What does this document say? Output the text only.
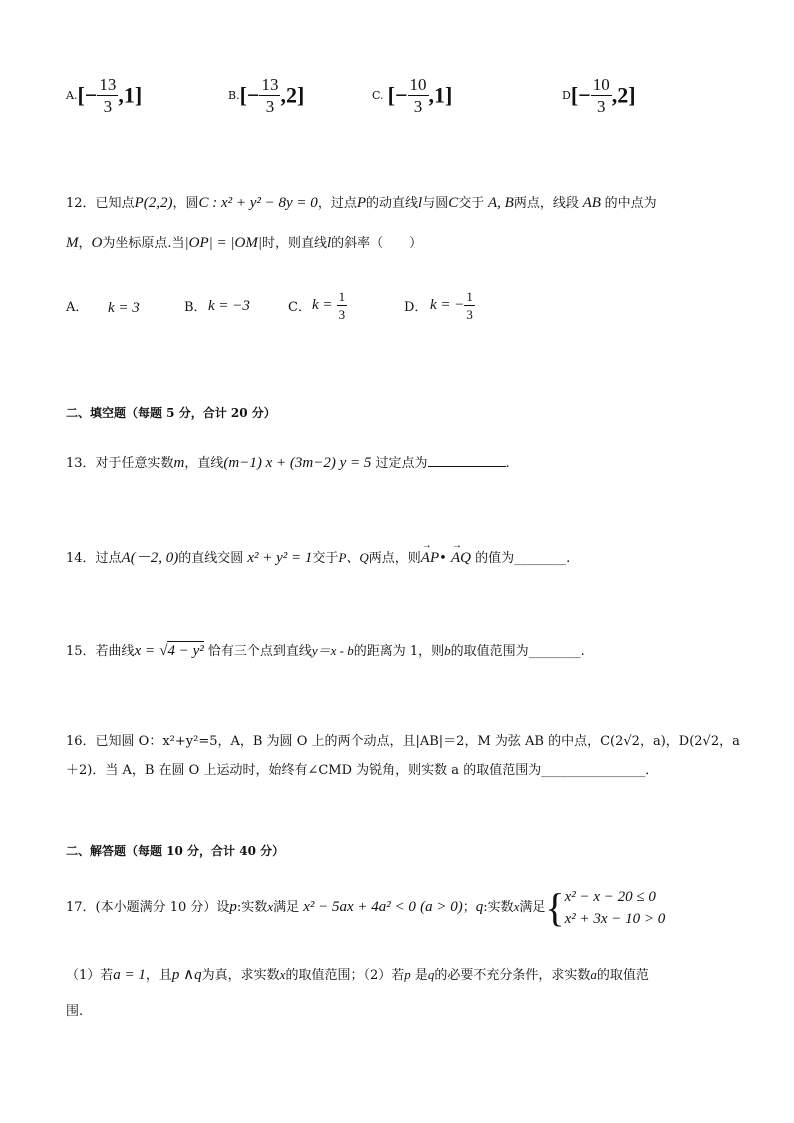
$A.[- \frac{13}{3} ,1]$	$B.[- \frac{13}{3} ,2]$	C. [− $\frac{10}{3} ,1$]	$D[- \frac{10}{3} ,2]$
12．已知点P(2,2)，圆C : x² + y² − 8y = 0，过点P的动直线l与圆C交于 A, B两点，线段 AB 的中点为
M，O为坐标原点.当|OP| = |OM|时，则直线l的斜率（　　）
A． k = 3	B． k = −3	C． $k = \frac{1}{3}$	D． k = − $\frac{1}{3}$
二、填空题（每题 5 分，合计 20 分）
13．对于任意实数m，直线(m−1) x + (3m−2) y = 5 过定点为	.
14．过点A(－2, 0)的直线交圆 x² + y² = 1交于P、Q两点，则→ AP• → AQ 的值为________.
15．若曲线x = √4 − y² 恰有三个点到直线y＝x - b的距离为 1，则b的取值范围为________.
16．已知圆 O：x²+y²=5，A，B 为圆 O 上的两个动点，且|AB|＝2，M 为弦 AB 的中点，C(2√2，a)，D(2√2，a
＋2)．当 A，B 在圆 O 上运动时，始终有∠CMD 为锐角，则实数 a 的取值范围为________________．
二、解答题（每题 10 分，合计 40 分）
17．(本小题满分 10 分）设p:实数x满足 x² − 5ax + 4a² < 0 (a > 0)；q:实数x满足{ x² − x − 20 ≤ 0
x² + 3x − 10 > 0
（1）若a = 1，且p ∧q为真，求实数x的取值范围；（2）若p 是q的必要不充分条件，求实数a的取值范
围.
